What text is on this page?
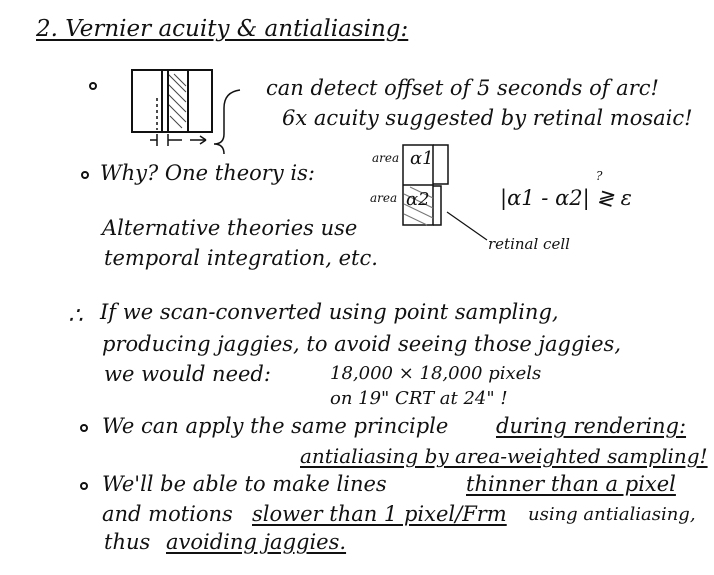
2. Vernier acuity & antialiasing:
can detect offset of 5 seconds of arc!
6x acuity suggested by retinal mosaic!
Why? One theory is:
area α1
area α2	|α1 - α2| ≷ ε
?
retinal cell
Alternative theories use
temporal integration, etc.
∴ If we scan-converted using point sampling,
producing jaggies, to avoid seeing those jaggies,
we would need:	18,000 × 18,000 pixels
on 19" CRT at 24" !
We can apply the same principle during rendering:
antialiasing by area-weighted sampling!
We'll be able to make lines	thinner than a pixel
and motions slower than 1 pixel/Frm using antialiasing,
thus avoiding jaggies.
